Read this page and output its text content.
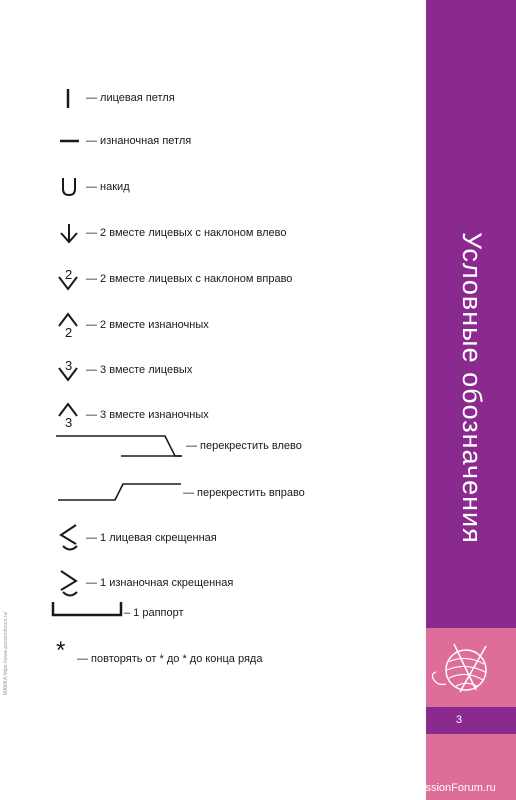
— лицевая петля
— изнаночная петля
— накид
— 2 вместе лицевых с наклоном влево
2 — 2 вместе лицевых с наклоном вправо
2 — 2 вместе изнаночных
3 — 3 вместе лицевых
3 — 3 вместе изнаночных
— перекрестить влево
— перекрестить вправо
— 1 лицевая скрещенная
— 1 изнаночная скрещенная
– 1 раппорт
* — повторять от * до * до конца ряда
MAMKA https://www.passionforum.ru/
Условные обозначения
3
PassionForum.ru
